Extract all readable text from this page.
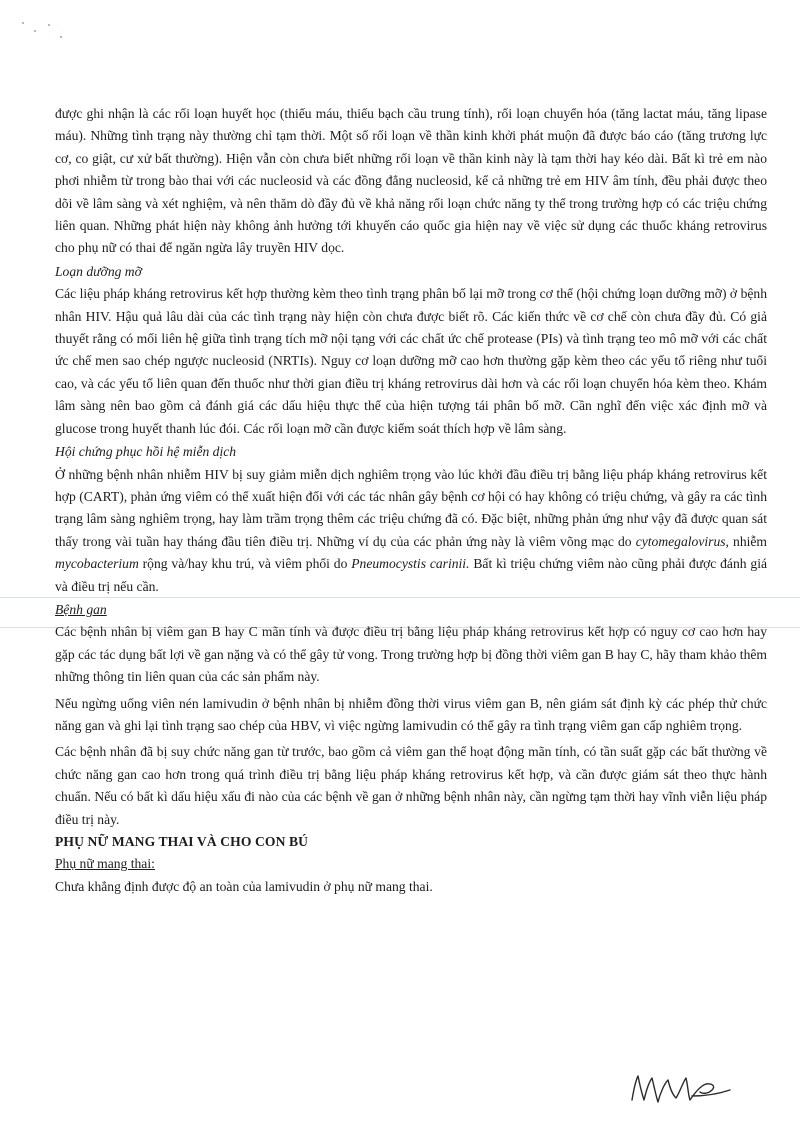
được ghi nhận là các rối loạn huyết học (thiếu máu, thiếu bạch cầu trung tính), rối loạn chuyển hóa (tăng lactat máu, tăng lipase máu). Những tình trạng này thường chỉ tạm thời. Một số rối loạn về thần kinh khởi phát muộn đã được báo cáo (tăng trương lực cơ, co giật, cư xử bất thường). Hiện vẫn còn chưa biết những rối loạn về thần kinh này là tạm thời hay kéo dài. Bất kì trẻ em nào phơi nhiễm từ trong bào thai với các nucleosid và các đồng đẳng nucleosid, kể cả những trẻ em HIV âm tính, đều phải được theo dõi về lâm sàng và xét nghiệm, và nên thăm dò đầy đủ về khả năng rối loạn chức năng ty thể trong trường hợp có các triệu chứng liên quan. Những phát hiện này không ảnh hưởng tới khuyến cáo quốc gia hiện nay về việc sử dụng các thuốc kháng retrovirus cho phụ nữ có thai để ngăn ngừa lây truyền HIV dọc.

Loạn dưỡng mỡ

Các liệu pháp kháng retrovirus kết hợp thường kèm theo tình trạng phân bố lại mỡ trong cơ thể (hội chứng loạn dưỡng mỡ) ở bệnh nhân HIV. Hậu quả lâu dài của các tình trạng này hiện còn chưa được biết rõ. Các kiến thức về cơ chế còn chưa đầy đủ. Có giả thuyết rằng có mối liên hệ giữa tình trạng tích mỡ nội tạng với các chất ức chế protease (PIs) và tình trạng teo mô mỡ với các chất ức chế men sao chép ngược nucleosid (NRTIs). Nguy cơ loạn dưỡng mỡ cao hơn thường gặp kèm theo các yếu tố riêng như tuổi cao, và các yếu tố liên quan đến thuốc như thời gian điều trị kháng retrovirus dài hơn và các rối loạn chuyển hóa kèm theo. Khám lâm sàng nên bao gồm cả đánh giá các dấu hiệu thực thể của hiện tượng tái phân bố mỡ. Cần nghĩ đến việc xác định mỡ và glucose trong huyết thanh lúc đói. Các rối loạn mỡ cần được kiểm soát thích hợp về lâm sàng.

Hội chứng phục hồi hệ miễn dịch

Ở những bệnh nhân nhiễm HIV bị suy giảm miễn dịch nghiêm trọng vào lúc khởi đầu điều trị bằng liệu pháp kháng retrovirus kết hợp (CART), phản ứng viêm có thể xuất hiện đối với các tác nhân gây bệnh cơ hội có hay không có triệu chứng, và gây ra các tình trạng lâm sàng nghiêm trọng, hay làm trầm trọng thêm các triệu chứng đã có. Đặc biệt, những phản ứng như vậy đã được quan sát thấy trong vài tuần hay tháng đầu tiên điều trị. Những ví dụ của các phản ứng này là viêm võng mạc do cytomegalovirus, nhiễm mycobacterium rộng và/hay khu trú, và viêm phổi do Pneumocystis carinii. Bất kì triệu chứng viêm nào cũng phải được đánh giá và điều trị nếu cần.

Bệnh gan

Các bệnh nhân bị viêm gan B hay C mãn tính và được điều trị bằng liệu pháp kháng retrovirus kết hợp có nguy cơ cao hơn hay gặp các tác dụng bất lợi về gan nặng và có thể gây tử vong. Trong trường hợp bị đồng thời viêm gan B hay C, hãy tham khảo thêm những thông tin liên quan của các sản phẩm này.

Nếu ngừng uống viên nén lamivudin ở bệnh nhân bị nhiễm đồng thời virus viêm gan B, nên giám sát định kỳ các phép thử chức năng gan và ghi lại tình trạng sao chép của HBV, vì việc ngừng lamivudin có thể gây ra tình trạng viêm gan cấp nghiêm trọng.

Các bệnh nhân đã bị suy chức năng gan từ trước, bao gồm cả viêm gan thể hoạt động mãn tính, có tần suất gặp các bất thường về chức năng gan cao hơn trong quá trình điều trị bằng liệu pháp kháng retrovirus kết hợp, và cần được giám sát theo thực hành chuẩn. Nếu có bất kì dấu hiệu xấu đi nào của các bệnh về gan ở những bệnh nhân này, cần ngừng tạm thời hay vĩnh viễn liệu pháp điều trị này.

PHỤ NỮ MANG THAI VÀ CHO CON BÚ

Phụ nữ mang thai:

Chưa khẳng định được độ an toàn của lamivudin ở phụ nữ mang thai.
